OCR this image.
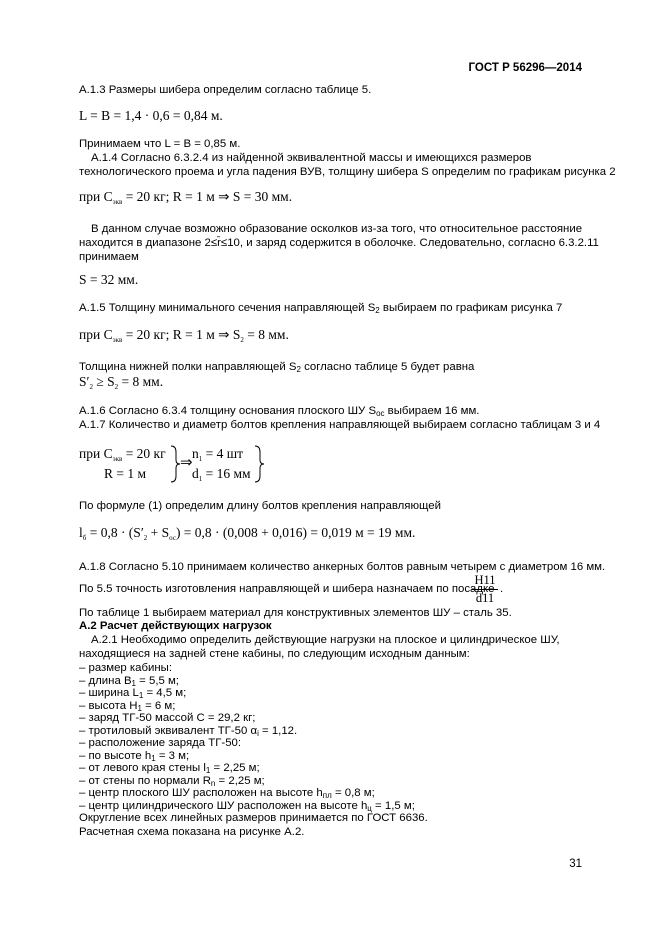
ГОСТ Р 56296—2014
А.1.3 Размеры шибера определим согласно таблице 5.
L = B = 1,4 · 0,6 = 0,84 м.
Принимаем что L = B = 0,85 м.
А.1.4 Согласно 6.3.2.4 из найденной эквивалентной массы и имеющихся размеров
технологического проема и угла падения ВУВ, толщину шибера S определим по графикам рисунка 2
при $C_{экв} = 20$ кг; R = 1 м ⇒ S = 30 мм.
В данном случае возможно образование осколков из-за того, что относительное расстояние
находится в диапазоне 2≤r̄≤10, и заряд содержится в оболочке. Следовательно, согласно 6.3.2.11
принимаем
S = 32 мм.
А.1.5 Толщину минимального сечения направляющей $S_2$ выбираем по графикам рисунка 7
при $C_{экв} = 20$ кг; R = 1 м ⇒ $S_2 = 8$ мм.
Толщина нижней полки направляющей $S_2$ согласно таблице 5 будет равна
$S'_2 \ge S_2 = 8$ мм.
А.1.6 Согласно 6.3.4 толщину основания плоского ШУ $S_{ос}$ выбираем 16 мм.
А.1.7 Количество и диаметр болтов крепления направляющей выбираем согласно таблицам 3 и 4
при $C_{экв} = 20$ кг
R = 1 м
⇒
$n_1 = 4$ шт
$d_1 = 16$ мм
По формуле (1) определим длину болтов крепления направляющей
$l_б = 0,8 \cdot (S'_2 + S_{ос}) = 0,8 \cdot (0,008 + 0,016) = 0,019$ м = 19 мм.
А.1.8 Согласно 5.10 принимаем количество анкерных болтов равным четырем с диаметром 16 мм.
По 5.5 точность изготовления направляющей и шибера назначаем по посадке
H11
d11
.
По таблице 1 выбираем материал для конструктивных элементов ШУ – сталь 35.
А.2 Расчет действующих нагрузок
А.2.1 Необходимо определить действующие нагрузки на плоское и цилиндрическое ШУ,
находящиеся на задней стене кабины, по следующим исходным данным:
– размер кабины:
– длина $B_1 = 5,5$ м;
– ширина $L_1 = 4,5$ м;
– высота $H_1 = 6$ м;
– заряд ТГ-50 массой С = 29,2 кг;
– тротиловый эквивалент ТГ-50 $\alpha_i = 1,12$.
– расположение заряда ТГ-50:
– по высоте $h_1 = 3$ м;
– от левого края стены $l_1 = 2,25$ м;
– от стены по нормали $R_n = 2,25$ м;
– центр плоского ШУ расположен на высоте $h_{пл} = 0,8$ м;
– центр цилиндрического ШУ расположен на высоте $h_ц = 1,5$ м;
Округление всех линейных размеров принимается по ГОСТ 6636.
Расчетная схема показана на рисунке А.2.
31
